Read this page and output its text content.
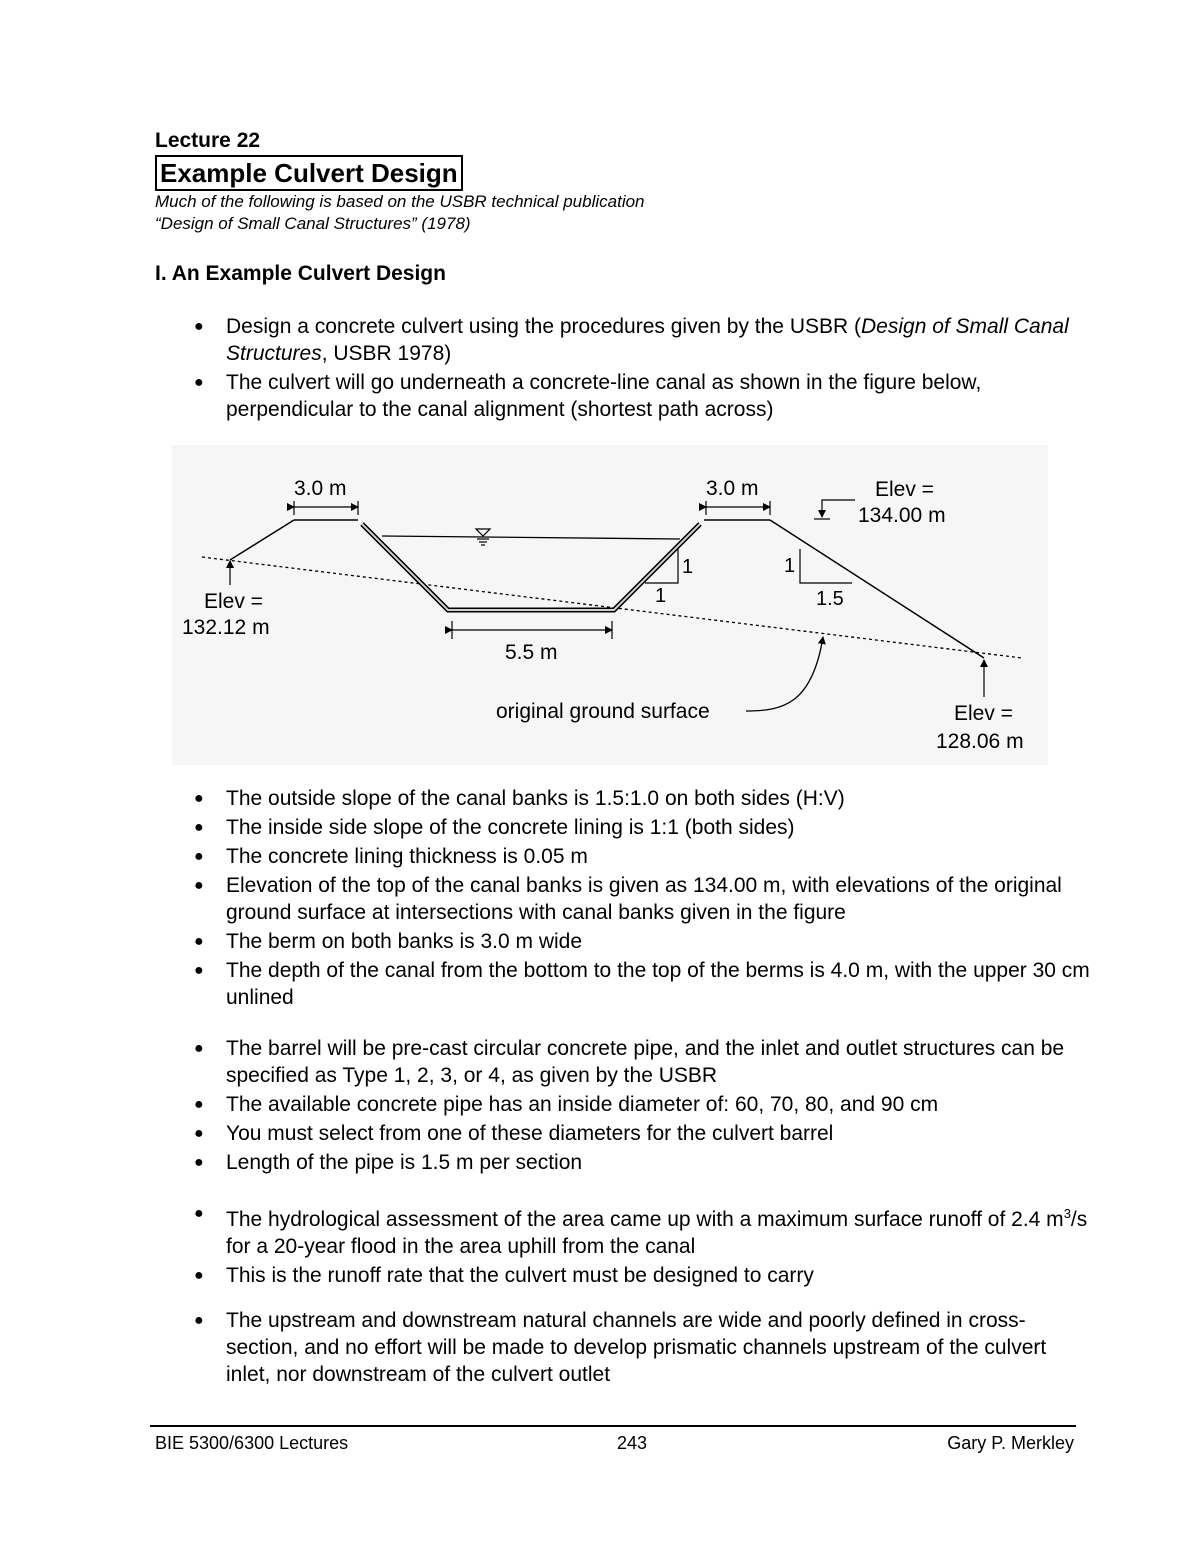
Lecture 22
Example Culvert Design
Much of the following is based on the USBR technical publication
“Design of Small Canal Structures” (1978)
I. An Example Culvert Design
● Design a concrete culvert using the procedures given by the USBR (Design of Small Canal Structures, USBR 1978)
● The culvert will go underneath a concrete-line canal as shown in the figure below, perpendicular to the canal alignment (shortest path across)
3.0 m	3.0 m	Elev =
134.00 m
Elev =
132.12 m
Elev =
128.06 m
5.5 m
1
1
1
1.5
original ground surface
● The outside slope of the canal banks is 1.5:1.0 on both sides (H:V)
● The inside side slope of the concrete lining is 1:1 (both sides)
● The concrete lining thickness is 0.05 m
● Elevation of the top of the canal banks is given as 134.00 m, with elevations of the original ground surface at intersections with canal banks given in the figure
● The berm on both banks is 3.0 m wide
● The depth of the canal from the bottom to the top of the berms is 4.0 m, with the upper 30 cm unlined
● The barrel will be pre-cast circular concrete pipe, and the inlet and outlet structures can be specified as Type 1, 2, 3, or 4, as given by the USBR
● The available concrete pipe has an inside diameter of: 60, 70, 80, and 90 cm
● You must select from one of these diameters for the culvert barrel
● Length of the pipe is 1.5 m per section
● The hydrological assessment of the area came up with a maximum surface runoff of 2.4 $m^3/s$ for a 20-year flood in the area uphill from the canal
● This is the runoff rate that the culvert must be designed to carry
● The upstream and downstream natural channels are wide and poorly defined in cross-section, and no effort will be made to develop prismatic channels upstream of the culvert inlet, nor downstream of the culvert outlet
BIE 5300/6300 Lectures	243	Gary P. Merkley
